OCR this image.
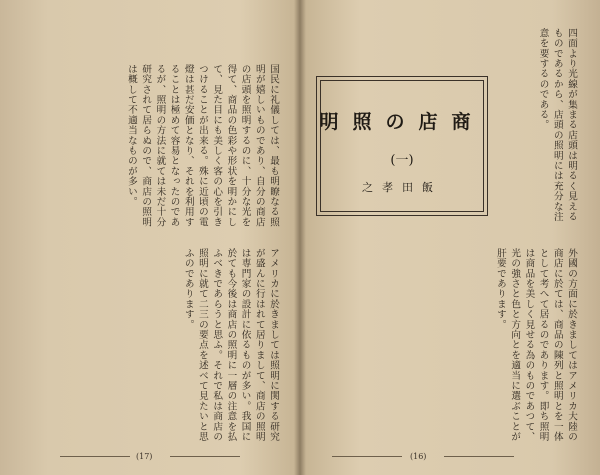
国民に礼儀しては、最も明瞭なる照明が嬉しいものであり、自分の商店の店頭を照明するのに、十分な光を得て、商品の色彩や形状を明かにして、見た目にも美しく客の心を引きつけることが出来る。殊に近頃の電燈は甚だ安価となり、それを利用することは極めて容易となったのであるが、照明の方法に就ては未だ十分研究されて居らぬので、商店の照明は概して不適当なものが多い。
アメリカに於きましては照明に関する研究が盛んに行はれて居りまして、商店の照明は専門家の設計に依るものが多い。我国に於ても今後は商店の照明に一層の注意を払ふべきであらうと思ふ。それで私は商店の照明に就て二三の要点を述べて見たいと思ふのであります。
(17)
商店の照明
(一)
飯田孝之	四面より光線が集まる店頭は明るく見えるものであるから、店頭の照明には充分な注意を要するのである。
外國の方面に於きましてはアメリカ大陸の商店に於ては、商品の陳列と照明とを一体として考へて居るのであります。即ち照明は商品を美しく見せる為のものであつて、光の強さと色と方向とを適当に選ぶことが肝要であります。
(16)
